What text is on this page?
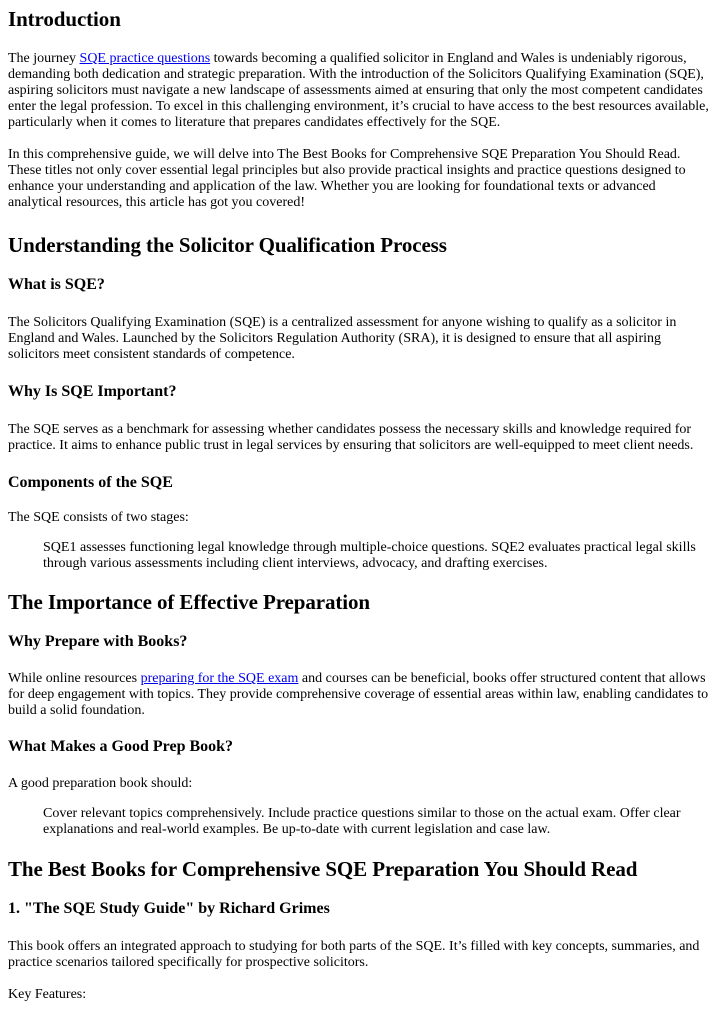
Introduction

The journey SQE practice questions towards becoming a qualified solicitor in England and Wales is undeniably rigorous, demanding both dedication and strategic preparation. With the introduction of the Solicitors Qualifying Examination (SQE), aspiring solicitors must navigate a new landscape of assessments aimed at ensuring that only the most competent candidates enter the legal profession. To excel in this challenging environment, it’s crucial to have access to the best resources available, particularly when it comes to literature that prepares candidates effectively for the SQE.

In this comprehensive guide, we will delve into The Best Books for Comprehensive SQE Preparation You Should Read. These titles not only cover essential legal principles but also provide practical insights and practice questions designed to enhance your understanding and application of the law. Whether you are looking for foundational texts or advanced analytical resources, this article has got you covered!

Understanding the Solicitor Qualification Process
What is SQE?

The Solicitors Qualifying Examination (SQE) is a centralized assessment for anyone wishing to qualify as a solicitor in England and Wales. Launched by the Solicitors Regulation Authority (SRA), it is designed to ensure that all aspiring solicitors meet consistent standards of competence.

Why Is SQE Important?

The SQE serves as a benchmark for assessing whether candidates possess the necessary skills and knowledge required for practice. It aims to enhance public trust in legal services by ensuring that solicitors are well-equipped to meet client needs.

Components of the SQE

The SQE consists of two stages:

SQE1 assesses functioning legal knowledge through multiple-choice questions. SQE2 evaluates practical legal skills through various assessments including client interviews, advocacy, and drafting exercises.
The Importance of Effective Preparation
Why Prepare with Books?

While online resources preparing for the SQE exam and courses can be beneficial, books offer structured content that allows for deep engagement with topics. They provide comprehensive coverage of essential areas within law, enabling candidates to build a solid foundation.

What Makes a Good Prep Book?

A good preparation book should:

Cover relevant topics comprehensively. Include practice questions similar to those on the actual exam. Offer clear explanations and real-world examples. Be up-to-date with current legislation and case law.
The Best Books for Comprehensive SQE Preparation You Should Read
1. "The SQE Study Guide" by Richard Grimes

This book offers an integrated approach to studying for both parts of the SQE. It’s filled with key concepts, summaries, and practice scenarios tailored specifically for prospective solicitors.

Key Features:
